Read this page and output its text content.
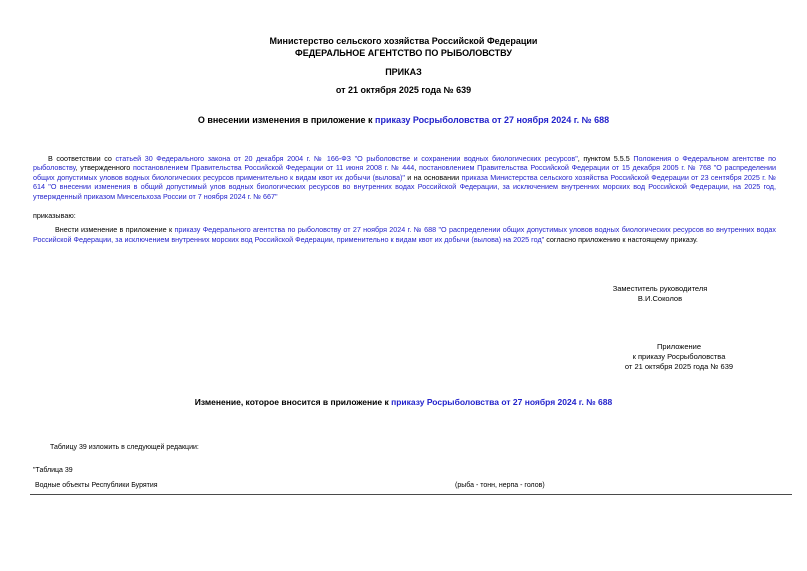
Министерство сельского хозяйства Российской Федерации
ФЕДЕРАЛЬНОЕ АГЕНТСТВО ПО РЫБОЛОВСТВУ
ПРИКАЗ
от 21 октября 2025 года № 639
О внесении изменения в приложение к приказу Росрыболовства от 27 ноября 2024 г. № 688
В соответствии со статьей 30 Федерального закона от 20 декабря 2004 г. № 166-ФЗ "О рыболовстве и сохранении водных биологических ресурсов", пунктом 5.5.5 Положения о Федеральном агентстве по рыболовству, утвержденного постановлением Правительства Российской Федерации от 11 июня 2008 г. № 444, постановлением Правительства Российской Федерации от 15 декабря 2005 г. № 768 "О распределении общих допустимых уловов водных биологических ресурсов применительно к видам квот их добычи (вылова)" и на основании приказа Министерства сельского хозяйства Российской Федерации от 23 сентября 2025 г. № 614 "О внесении изменения в общий допустимый улов водных биологических ресурсов во внутренних водах Российской Федерации, за исключением внутренних морских вод Российской Федерации, на 2025 год, утвержденный приказом Минсельхоза России от 7 ноября 2024 г. № 667"
приказываю:
Внести изменение в приложение к приказу Федерального агентства по рыболовству от 27 ноября 2024 г. № 688 "О распределении общих допустимых уловов водных биологических ресурсов во внутренних водах Российской Федерации, за исключением внутренних морских вод Российской Федерации, применительно к видам квот их добычи (вылова) на 2025 год" согласно приложению к настоящему приказу.
Заместитель руководителя
В.И.Соколов
Приложение
к приказу Росрыболовства
от 21 октября 2025 года № 639
Изменение, которое вносится в приложение к приказу Росрыболовства от 27 ноября 2024 г. № 688
Таблицу 39 изложить в следующей редакции:
"Таблица 39
Водные объекты Республики Бурятия	(рыба - тонн, нерпа - голов)
